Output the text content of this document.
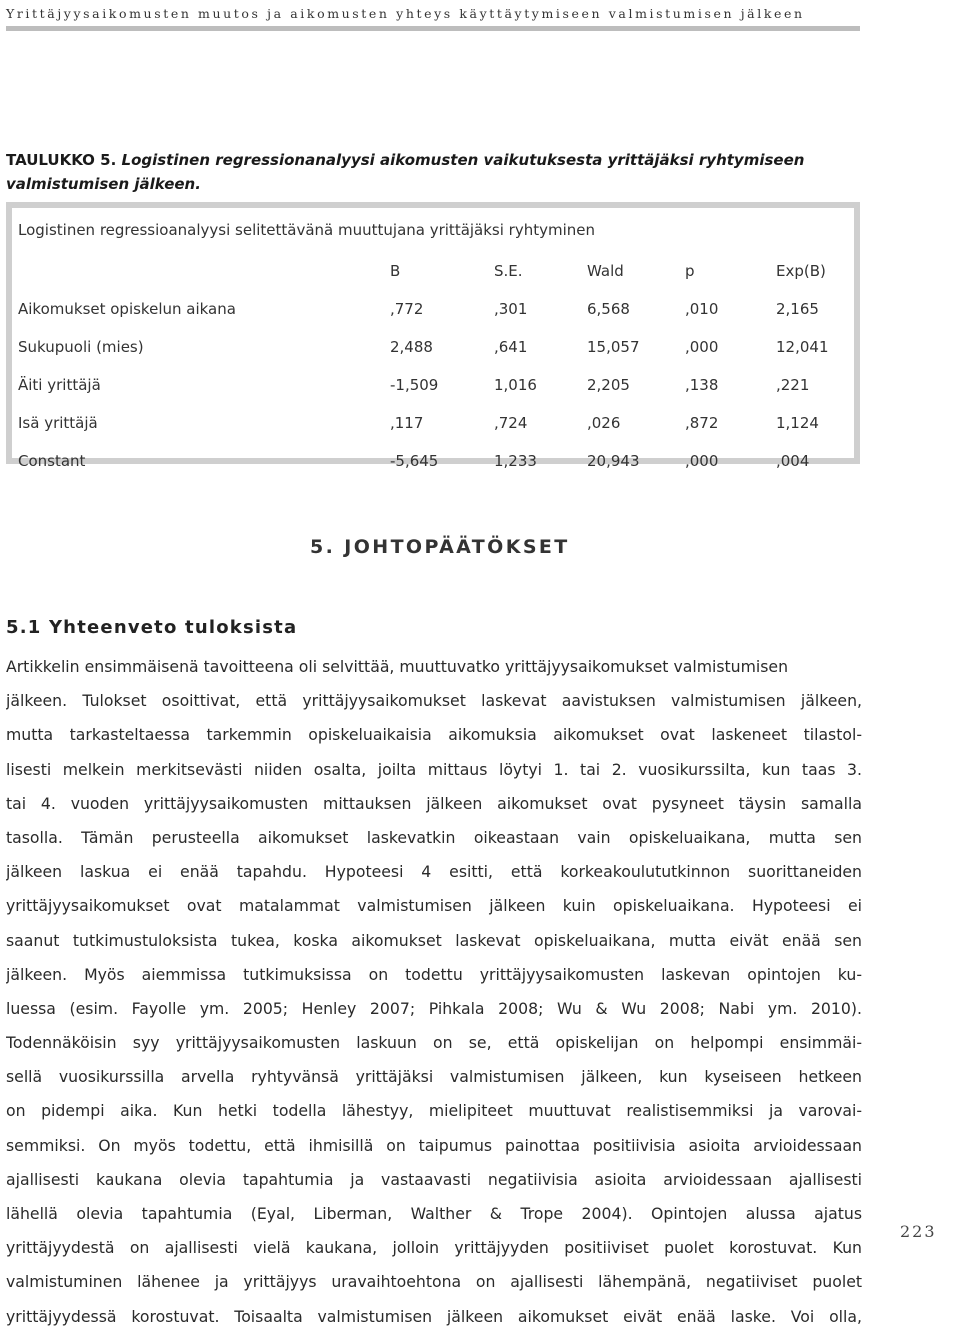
Yrittäjyysaikomusten muutos ja aikomusten yhteys käyttäytymiseen valmistumisen jälkeen
TAULUKKO 5. Logistinen regressionanalyysi aikomusten vaikutuksesta yrittäjäksi ryhtymiseen valmistumisen jälkeen.
Logistinen regressioanalyysi selitettävänä muuttujana yrittäjäksi ryhtyminen
B	S.E.	Wald	p	Exp(B)
Aikomukset opiskelun aikana	,772	,301	6,568	,010	2,165
Sukupuoli (mies)	2,488	,641	15,057	,000	12,041
Äiti yrittäjä	-1,509	1,016	2,205	,138	,221
Isä yrittäjä	,117	,724	,026	,872	1,124
Constant	-5,645	1,233	20,943	,000	,004
5. JOHTOPÄÄTÖKSET
5.1 Yhteenveto tuloksista
Artikkelin ensimmäisenä tavoitteena oli selvittää, muuttuvatko yrittäjyysaikomukset valmistumisen
jälkeen. Tulokset osoittivat, että yrittäjyysaikomukset laskevat aavistuksen valmistumisen jälkeen,
mutta tarkasteltaessa tarkemmin opiskeluaikaisia aikomuksia aikomukset ovat laskeneet tilastol-
lisesti melkein merkitsevästi niiden osalta, joilta mittaus löytyi 1. tai 2. vuosikurssilta, kun taas 3.
tai 4. vuoden yrittäjyysaikomusten mittauksen jälkeen aikomukset ovat pysyneet täysin samalla
tasolla. Tämän perusteella aikomukset laskevatkin oikeastaan vain opiskeluaikana, mutta sen
jälkeen laskua ei enää tapahdu. Hypoteesi 4 esitti, että korkeakoulututkinnon suorittaneiden
yrittäjyysaikomukset ovat matalammat valmistumisen jälkeen kuin opiskeluaikana. Hypoteesi ei
saanut tutkimustuloksista tukea, koska aikomukset laskevat opiskeluaikana, mutta eivät enää sen
jälkeen. Myös aiemmissa tutkimuksissa on todettu yrittäjyysaikomusten laskevan opintojen ku-
luessa (esim. Fayolle ym. 2005; Henley 2007; Pihkala 2008; Wu & Wu 2008; Nabi ym. 2010).
Todennäköisin syy yrittäjyysaikomusten laskuun on se, että opiskelijan on helpompi ensimmäi-
sellä vuosikurssilla arvella ryhtyvänsä yrittäjäksi valmistumisen jälkeen, kun kyseiseen hetkeen
on pidempi aika. Kun hetki todella lähestyy, mielipiteet muuttuvat realistisemmiksi ja varovai-
semmiksi. On myös todettu, että ihmisillä on taipumus painottaa positiivisia asioita arvioidessaan
ajallisesti kaukana olevia tapahtumia ja vastaavasti negatiivisia asioita arvioidessaan ajallisesti
lähellä olevia tapahtumia (Eyal, Liberman, Walther & Trope 2004). Opintojen alussa ajatus
yrittäjyydestä on ajallisesti vielä kaukana, jolloin yrittäjyyden positiiviset puolet korostuvat. Kun
valmistuminen lähenee ja yrittäjyys uravaihtoehtona on ajallisesti lähempänä, negatiiviset puolet
yrittäjyydessä korostuvat. Toisaalta valmistumisen jälkeen aikomukset eivät enää laske. Voi olla,
223
